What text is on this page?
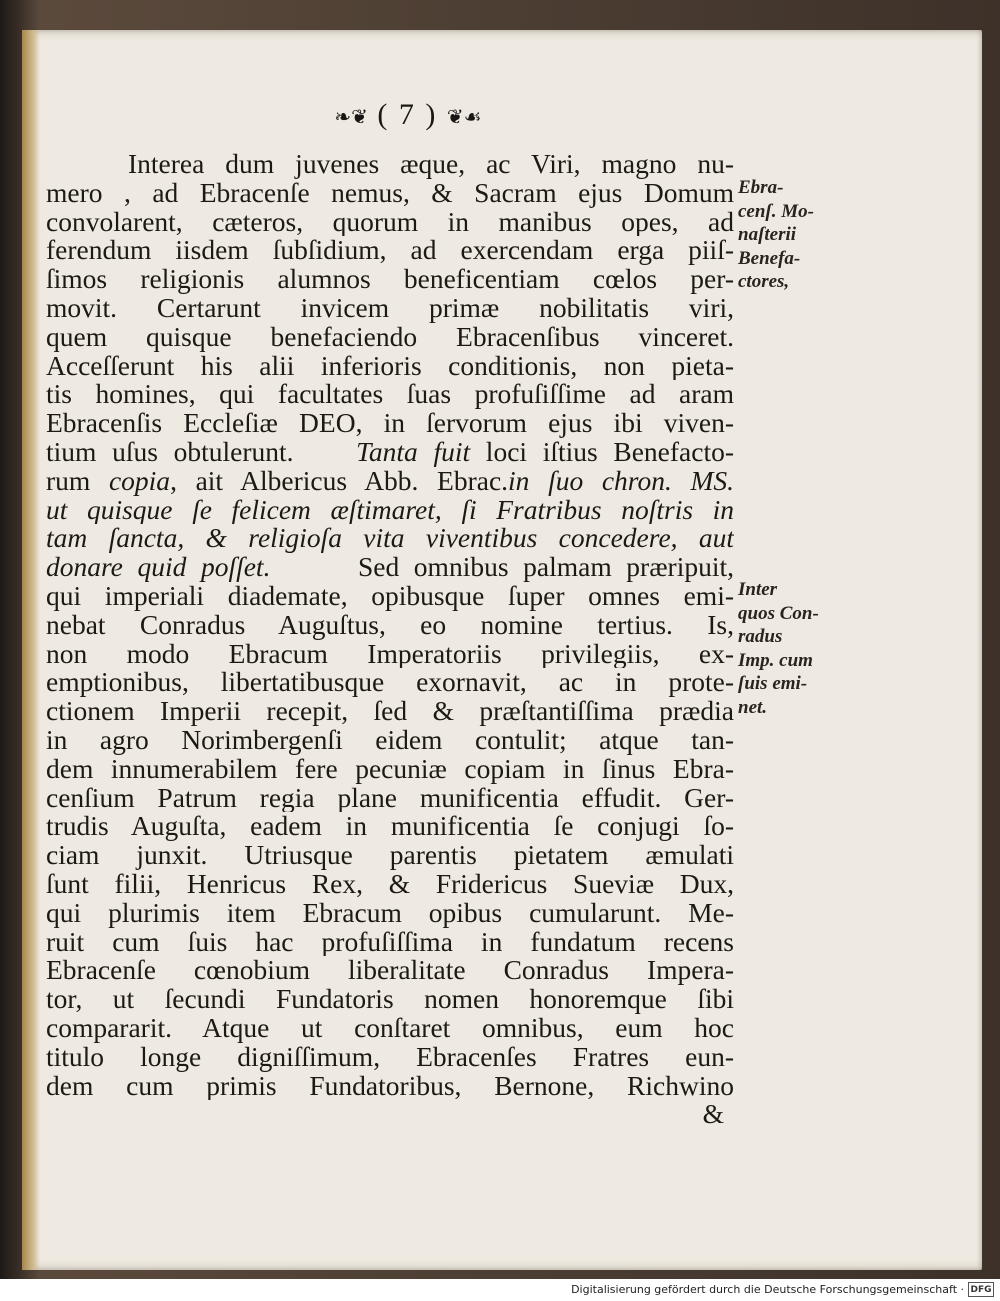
❧❦ ( 7 ) ❦☙
Interea dum juvenes æque, ac Viri, magno nu-
mero , ad Ebracenſe nemus, & Sacram ejus Domum
convolarent, cæteros, quorum in manibus opes, ad
ferendum iisdem ſubſidium, ad exercendam erga piiſ-
ſimos religionis alumnos beneficentiam cœlos per-
movit. Certarunt invicem primæ nobilitatis viri,
quem quisque benefaciendo Ebracenſibus vinceret.
Acceſſerunt his alii inferioris conditionis, non pieta-
tis homines, qui facultates ſuas profuſiſſime ad aram
Ebracenſis Eccleſiæ DEO, in ſervorum ejus ibi viven-
tium uſus obtulerunt. Tanta fuit loci iſtius Benefacto-
rum copia, ait Albericus Abb. Ebrac.in ſuo chron. MS.
ut quisque ſe felicem æſtimaret, ſi Fratribus noſtris in
tam ſancta, & religioſa vita viventibus concedere, aut
donare quid poſſet.	Sed omnibus palmam præripuit,
qui imperiali diademate, opibusque ſuper omnes emi-
nebat Conradus Auguſtus, eo nomine tertius. Is,
non modo Ebracum Imperatoriis privilegiis, ex-
emptionibus, libertatibusque exornavit, ac in prote-
ctionem Imperii recepit, ſed & præſtantiſſima prædia
in agro Norimbergenſi eidem contulit; atque tan-
dem innumerabilem fere pecuniæ copiam in ſinus Ebra-
cenſium Patrum regia plane munificentia effudit. Ger-
trudis Auguſta, eadem in munificentia ſe conjugi ſo-
ciam junxit. Utriusque parentis pietatem æmulati
ſunt filii, Henricus Rex, & Fridericus Sueviæ Dux,
qui plurimis item Ebracum opibus cumularunt. Me-
ruit cum ſuis hac profuſiſſima in fundatum recens
Ebracenſe cœnobium liberalitate Conradus Impera-
tor, ut ſecundi Fundatoris nomen honoremque ſibi
compararit. Atque ut conſtaret omnibus, eum hoc
titulo longe digniſſimum, Ebracenſes Fratres eun-
dem cum primis Fundatoribus, Bernone, Richwino
&
Ebra-
cenſ. Mo-
naſterii
Benefa-
ctores,
Inter
quos Con-
radus
Imp. cum
ſuis emi-
net.
Digitalisierung gefördert durch die Deutsche Forschungsgemeinschaft · DFG
